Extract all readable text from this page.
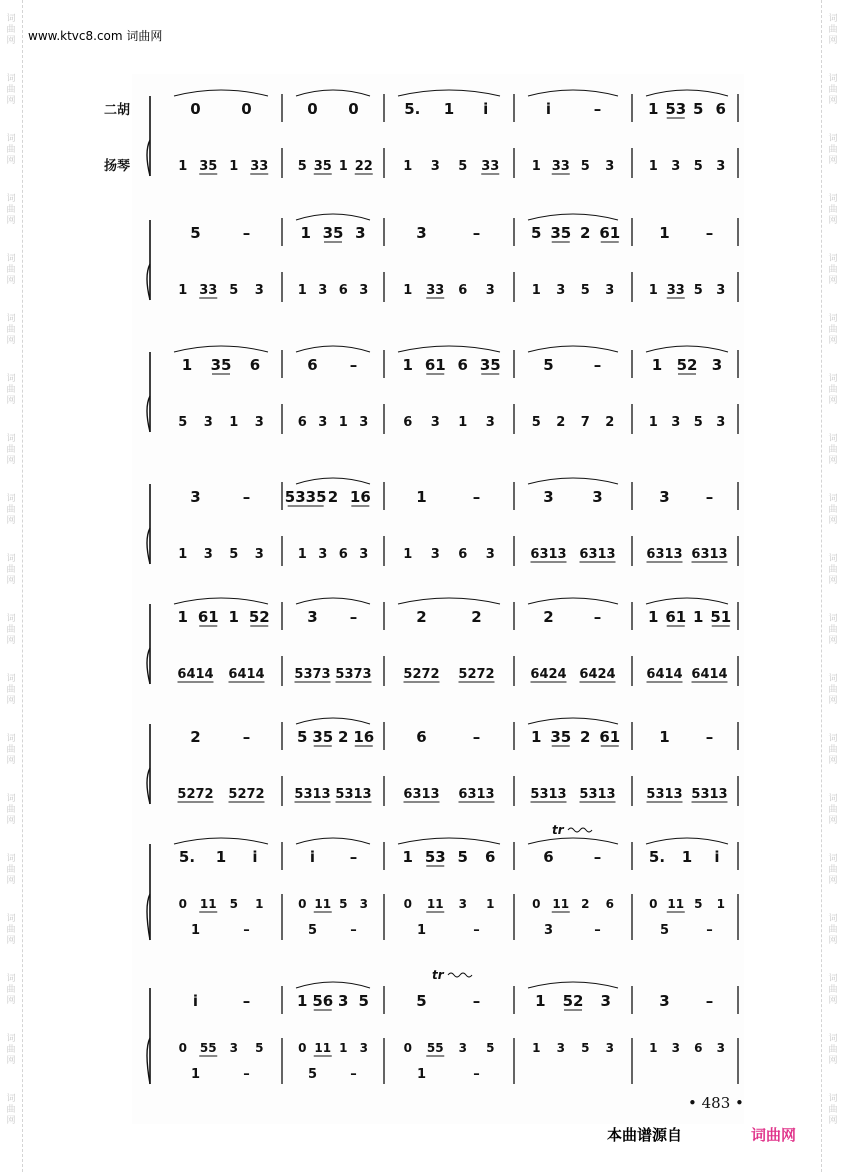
词
曲
网
词
曲
网
词
曲
网
词
曲
网
词
曲
网
词
曲
网
词
曲
网
词
曲
网
词
曲
网
词
曲
网
词
曲
网
词
曲
网
词
曲
网
词
曲
网
词
曲
网
词
曲
网
词
曲
网
词
曲
网
词
曲
网
词
曲
网
词
曲
网
词
曲
网
词
曲
网
词
曲
网
词
曲
网
词
曲
网
词
曲
网
词
曲
网
词
曲
网
词
曲
网
词
曲
网
词
曲
网
词
曲
网
词
曲
网
词
曲
网
词
曲
网
词
曲
网
词
曲
网
www.ktvc8.com 词曲网
二胡
扬琴
0	0	0 0	5. 1 i	i	–	1 53 5 6
1 35 1 33 5 35 1 22 1 3 5 33 1 33 5 3	1 3 5 3
5	–	1 35 3	3	–	5 35 2 61	1 –
1 33 5 3	1 3 6 3	1 33 6 3	1 3 5 3	1 33 5 3
1 35 6	6 –	1 61 6 35	5	–	1 52 3
5 3 1 3	6 3 1 3	6 3 1 3	5 2 7 2	1 3 5 3
3	– 5335 2 16	1	–	3	3	3 –
1 3 5 3	1 3 6 3	1 3 6 3	6313 6313 6313 6313
1 61 1 52	3 –	2	2	2	–	1 61 1 51
6414 6414 5373 5373 5272 5272	6424 6424 6414 6414
2	–	5 35 2 16	6	–	1 35 2 61	1 –
5272 5272 5313 5313 6313 6313	5313 5313 5313 5313
5. 1 i	i –	1 53 5 6	6	–	5. 1 i
0 11 5 1	0 11 5 3	0 11 3 1	0 11 2 6	0 11 5 1
1	–	5	–	1	–	3	–	5	–
i	–	1 56 3 5	5	–	1 52 3	3 –
0 55 3 5	0 11 1 3	0 55 3 5	1 3 5 3	1 3 6 3
1	–	5	–	1	–
tr
tr
• 483 •
本曲谱源自	词曲网
